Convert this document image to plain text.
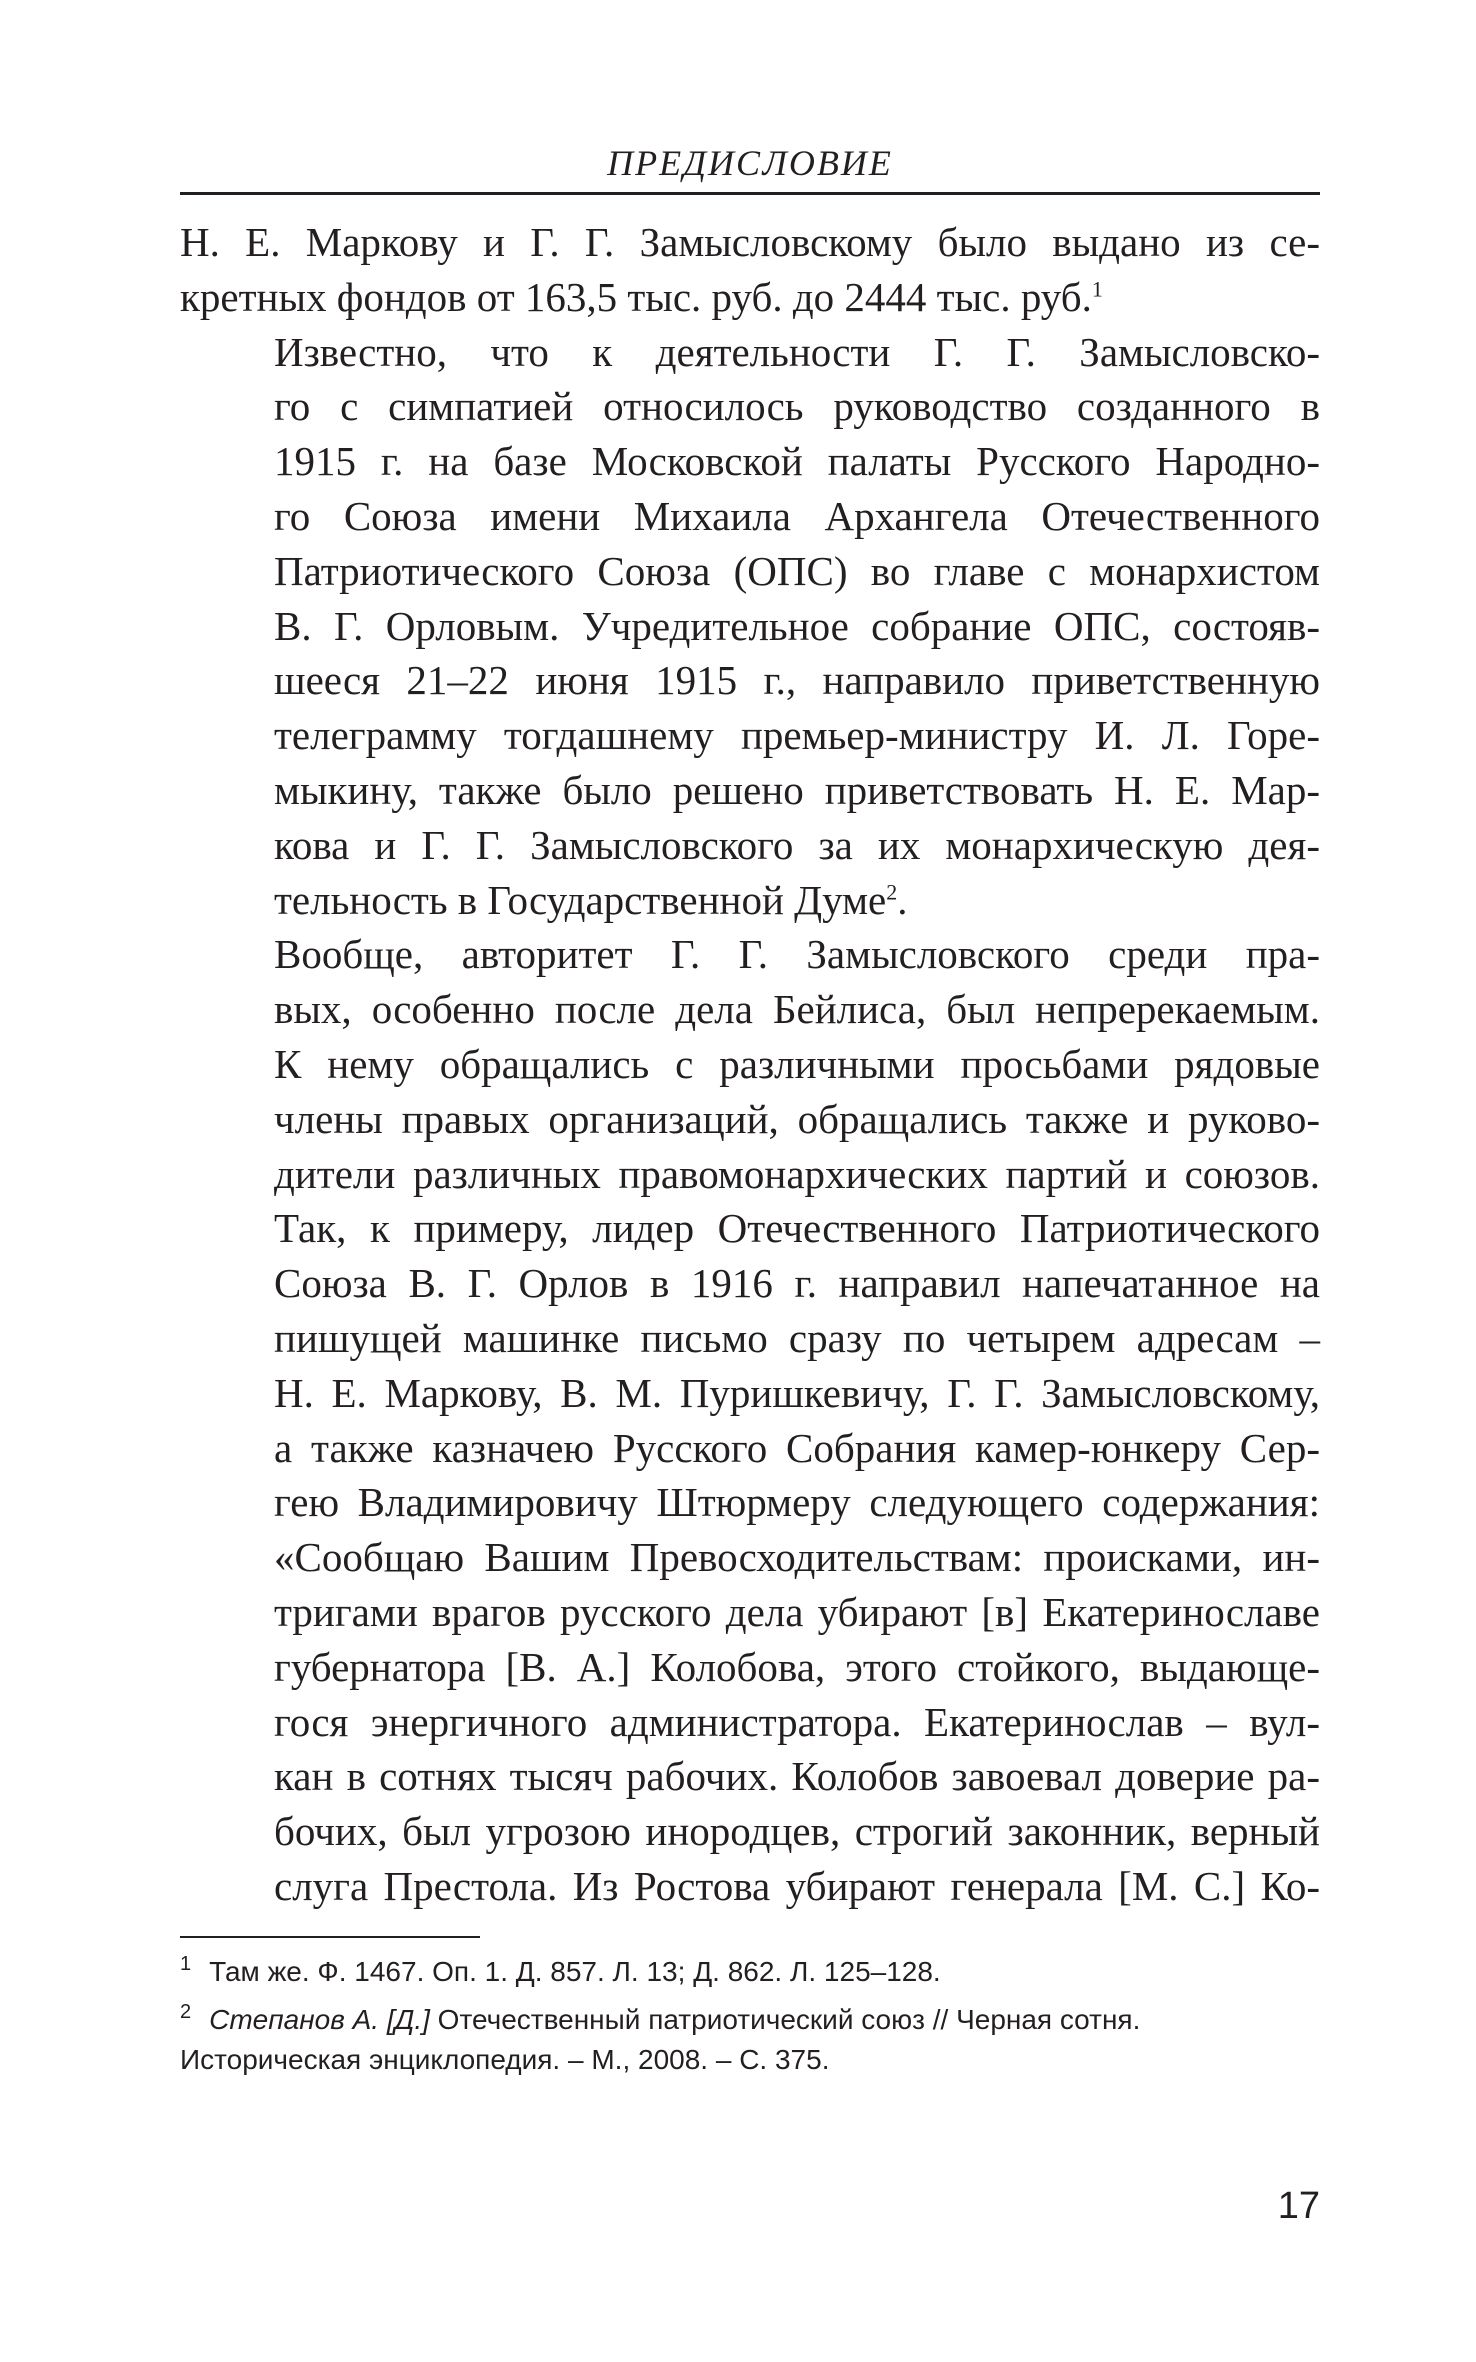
ПРЕДИСЛОВИЕ

Н. Е. Маркову и Г. Г. Замысловскому было выдано из се-
кретных фондов от 163,5 тыс. руб. до 2444 тыс. руб.$^1$

Известно, что к деятельности Г. Г. Замысловско-
го с симпатией относилось руководство созданного в
1915 г. на базе Московской палаты Русского Народно-
го Союза имени Михаила Архангела Отечественного
Патриотического Союза (ОПС) во главе с монархистом
В. Г. Орловым. Учредительное собрание ОПС, состояв-
шееся 21–22 июня 1915 г., направило приветственную
телеграмму тогдашнему премьер-министру И. Л. Горе-
мыкину, также было решено приветствовать Н. Е. Мар-
кова и Г. Г. Замысловского за их монархическую дея-
тельность в Государственной Думе$^2$.

Вообще, авторитет Г. Г. Замысловского среди пра-
вых, особенно после дела Бейлиса, был непререкаемым.
К нему обращались с различными просьбами рядовые
члены правых организаций, обращались также и руково-
дители различных правомонархических партий и союзов.
Так, к примеру, лидер Отечественного Патриотического
Союза В. Г. Орлов в 1916 г. направил напечатанное на
пишущей машинке письмо сразу по четырем адресам –
Н. Е. Маркову, В. М. Пуришкевичу, Г. Г. Замысловскому,
а также казначею Русского Собрания камер-юнкеру Сер-
гею Владимировичу Штюрмеру следующего содержания:
«Сообщаю Вашим Превосходительствам: происками, ин-
тригами врагов русского дела убирают [в] Екатеринославе
губернатора [В. А.] Колобова, этого стойкого, выдающе-
гося энергичного администратора. Екатеринослав – вул-
кан в сотнях тысяч рабочих. Колобов завоевал доверие ра-
бочих, был угрозою инородцев, строгий законник, верный
слуга Престола. Из Ростова убирают генерала [М. С.] Ко-

$^1$ Там же. Ф. 1467. Оп. 1. Д. 857. Л. 13; Д. 862. Л. 125–128.

$^2$ Степанов А. [Д.] Отечественный патриотический союз // Черная сотня. Историческая энциклопедия. – М., 2008. – С. 375.

17
